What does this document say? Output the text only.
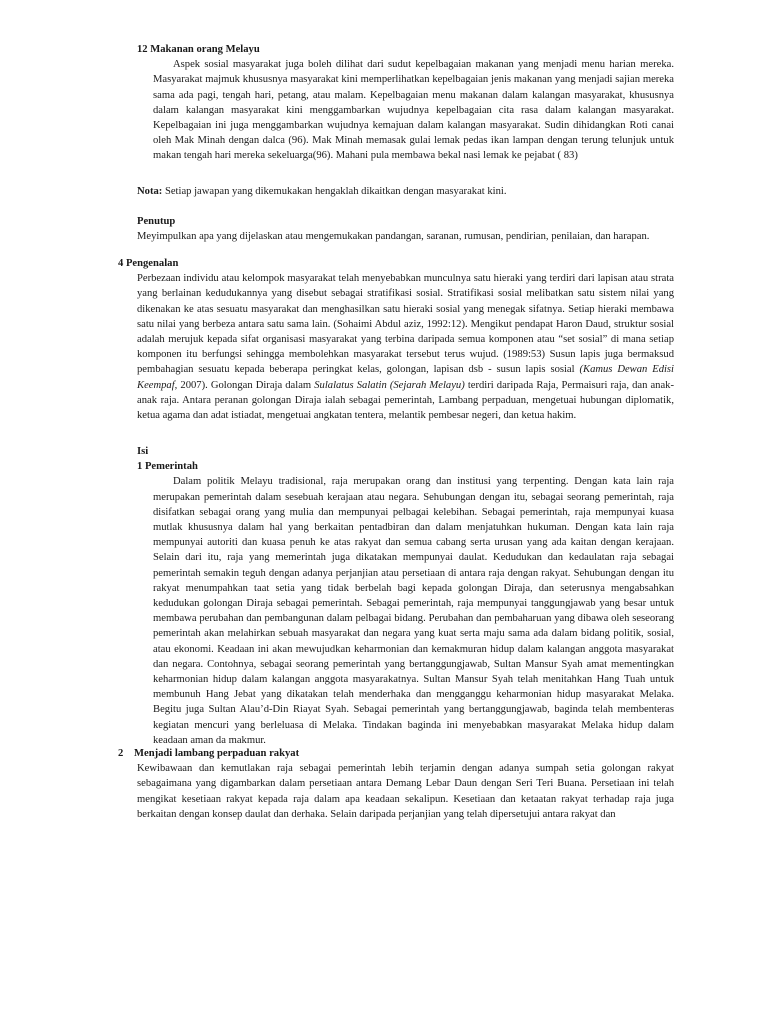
12 Makanan orang Melayu

Aspek sosial masyarakat juga boleh dilihat dari sudut kepelbagaian makanan yang menjadi menu harian mereka. Masyarakat majmuk khususnya masyarakat kini memperlihatkan kepelbagaian jenis makanan yang menjadi sajian mereka sama ada pagi, tengah hari, petang, atau malam. Kepelbagaian menu makanan dalam kalangan masyarakat, khususnya dalam kalangan masyarakat kini menggambarkan wujudnya kepelbagaian cita rasa dalam kalangan masyarakat. Kepelbagaian ini juga menggambarkan wujudnya kemajuan dalam kalangan masyarakat. Sudin dihidangkan Roti canai oleh Mak Minah dengan dalca (96). Mak Minah memasak gulai lemak pedas ikan lampan dengan terung telunjuk untuk makan tengah hari mereka sekeluarga(96). Mahani pula membawa bekal nasi lemak ke pejabat ( 83)

Nota: Setiap jawapan yang dikemukakan hengaklah dikaitkan dengan masyarakat kini.

Penutup

Meyimpulkan apa yang dijelaskan atau mengemukakan pandangan, saranan, rumusan, pendirian, penilaian, dan harapan.

4 Pengenalan

Perbezaan individu atau kelompok masyarakat telah menyebabkan munculnya satu hieraki yang terdiri dari lapisan atau strata yang berlainan kedudukannya yang disebut sebagai stratifikasi sosial. Stratifikasi sosial melibatkan satu sistem nilai yang dikenakan ke atas sesuatu masyarakat dan menghasilkan satu hieraki sosial yang menegak sifatnya. Setiap hieraki membawa satu nilai yang berbeza antara satu sama lain. (Sohaimi Abdul aziz, 1992:12). Mengikut pendapat Haron Daud, struktur sosial adalah merujuk kepada sifat organisasi masyarakat yang terbina daripada semua komponen atau “set sosial” di mana setiap komponen itu berfungsi sehingga membolehkan masyarakat tersebut terus wujud. (1989:53) Susun lapis juga bermaksud pembahagian sesuatu kepada beberapa peringkat kelas, golongan, lapisan dsb - susun lapis sosial (Kamus Dewan Edisi Keempaf, 2007). Golongan Diraja dalam Sulalatus Salatin (Sejarah Melayu) terdiri daripada Raja, Permaisuri raja, dan anak-anak raja. Antara peranan golongan Diraja ialah sebagai pemerintah, Lambang perpaduan, mengetuai hubungan diplomatik, ketua agama dan adat istiadat, mengetuai angkatan tentera, melantik pembesar negeri, dan ketua hakim.

Isi
1 Pemerintah

Dalam politik Melayu tradisional, raja merupakan orang dan institusi yang terpenting. Dengan kata lain raja merupakan pemerintah dalam sesebuah kerajaan atau negara. Sehubungan dengan itu, sebagai seorang pemerintah, raja disifatkan sebagai orang yang mulia dan mempunyai pelbagai kelebihan. Sebagai pemerintah, raja mempunyai kuasa mutlak khususnya dalam hal yang berkaitan pentadbiran dan dalam menjatuhkan hukuman. Dengan kata lain raja mempunyai autoriti dan kuasa penuh ke atas rakyat dan semua cabang serta urusan yang ada kaitan dengan kerajaan. Selain dari itu, raja yang memerintah juga dikatakan mempunyai daulat. Kedudukan dan kedaulatan raja sebagai pemerintah semakin teguh dengan adanya perjanjian atau persetiaan di antara raja dengan rakyat. Sehubungan dengan itu rakyat menumpahkan taat setia yang tidak berbelah bagi kepada golongan Diraja, dan seterusnya mengabsahkan kedudukan golongan Diraja sebagai pemerintah. Sebagai pemerintah, raja mempunyai tanggungjawab yang besar untuk membawa perubahan dan pembangunan dalam pelbagai bidang. Perubahan dan pembaharuan yang dibawa oleh seseorang pemerintah akan melahirkan sebuah masyarakat dan negara yang kuat serta maju sama ada dalam bidang politik, sosial, atau ekonomi. Keadaan ini akan mewujudkan keharmonian dan kemakmuran hidup dalam kalangan anggota masyarakat dan negara. Contohnya, sebagai seorang pemerintah yang bertanggungjawab, Sultan Mansur Syah amat mementingkan keharmonian hidup dalam kalangan anggota masyarakatnya. Sultan Mansur Syah telah menitahkan Hang Tuah untuk membunuh Hang Jebat yang dikatakan telah menderhaka dan mengganggu keharmonian hidup masyarakat Melaka. Begitu juga Sultan Alau’d-Din Riayat Syah. Sebagai pemerintah yang bertanggungjawab, baginda telah membenteras kegiatan mencuri yang berleluasa di Melaka. Tindakan baginda ini menyebabkan masyarakat Melaka hidup dalam keadaan aman da makmur.

2 Menjadi lambang perpaduan rakyat

Kewibawaan dan kemutlakan raja sebagai pemerintah lebih terjamin dengan adanya sumpah setia golongan rakyat sebagaimana yang digambarkan dalam persetiaan antara Demang Lebar Daun dengan Seri Teri Buana. Persetiaan ini telah mengikat kesetiaan rakyat kepada raja dalam apa keadaan sekalipun. Kesetiaan dan ketaatan rakyat terhadap raja juga berkaitan dengan konsep daulat dan derhaka. Selain daripada perjanjian yang telah dipersetujui antara rakyat dan
